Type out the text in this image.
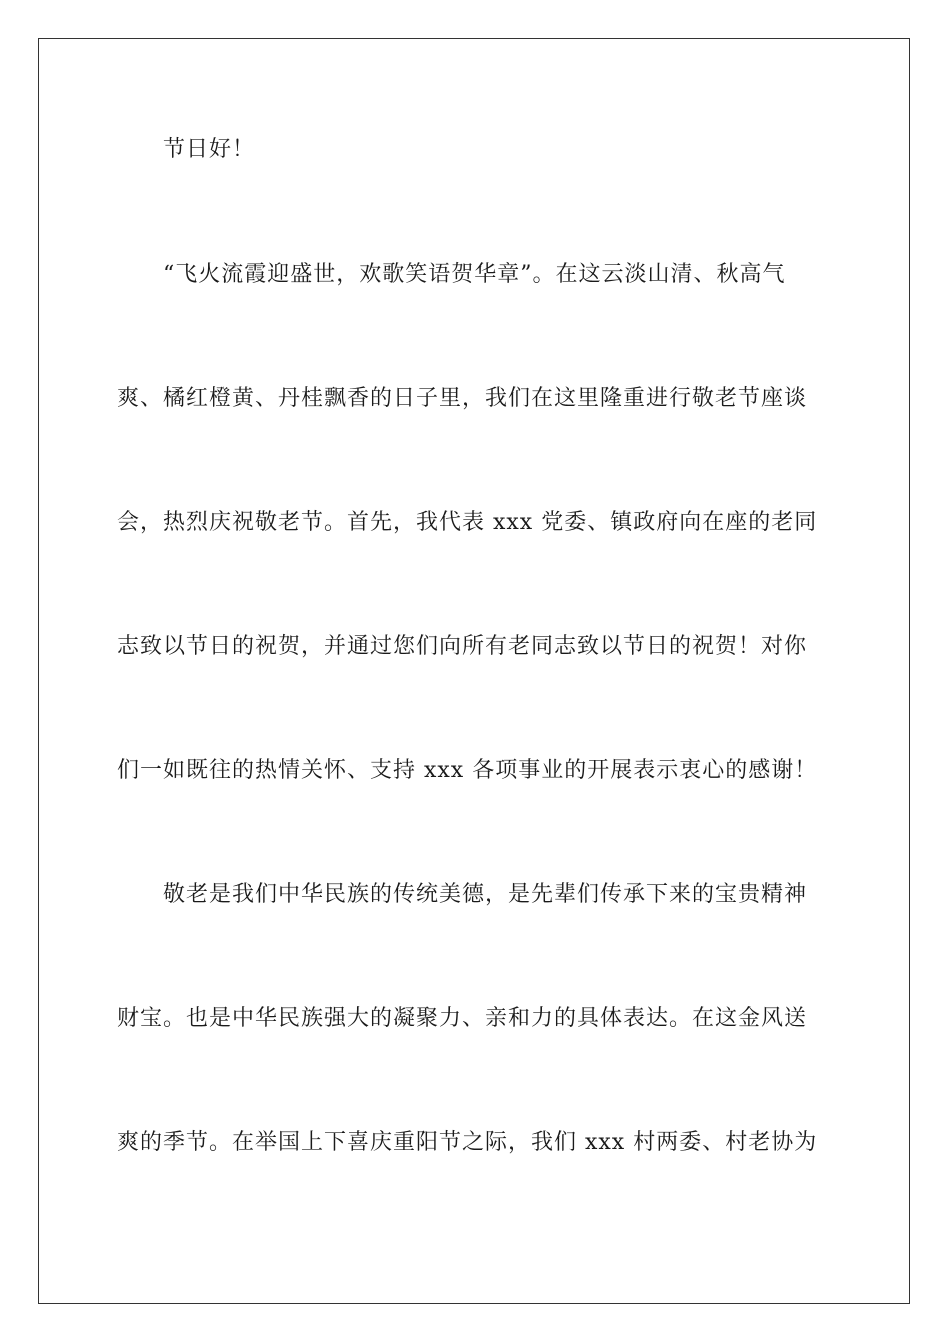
节日好！
“飞火流霞迎盛世，欢歌笑语贺华章”。在这云淡山清、秋高气
爽、橘红橙黄、丹桂飘香的日子里，我们在这里隆重进行敬老节座谈
会，热烈庆祝敬老节。首先，我代表 xxx 党委、镇政府向在座的老同
志致以节日的祝贺，并通过您们向所有老同志致以节日的祝贺！对你
们一如既往的热情关怀、支持 xxx 各项事业的开展表示衷心的感谢！
敬老是我们中华民族的传统美德，是先辈们传承下来的宝贵精神
财宝。也是中华民族强大的凝聚力、亲和力的具体表达。在这金风送
爽的季节。在举国上下喜庆重阳节之际，我们 xxx 村两委、村老协为
